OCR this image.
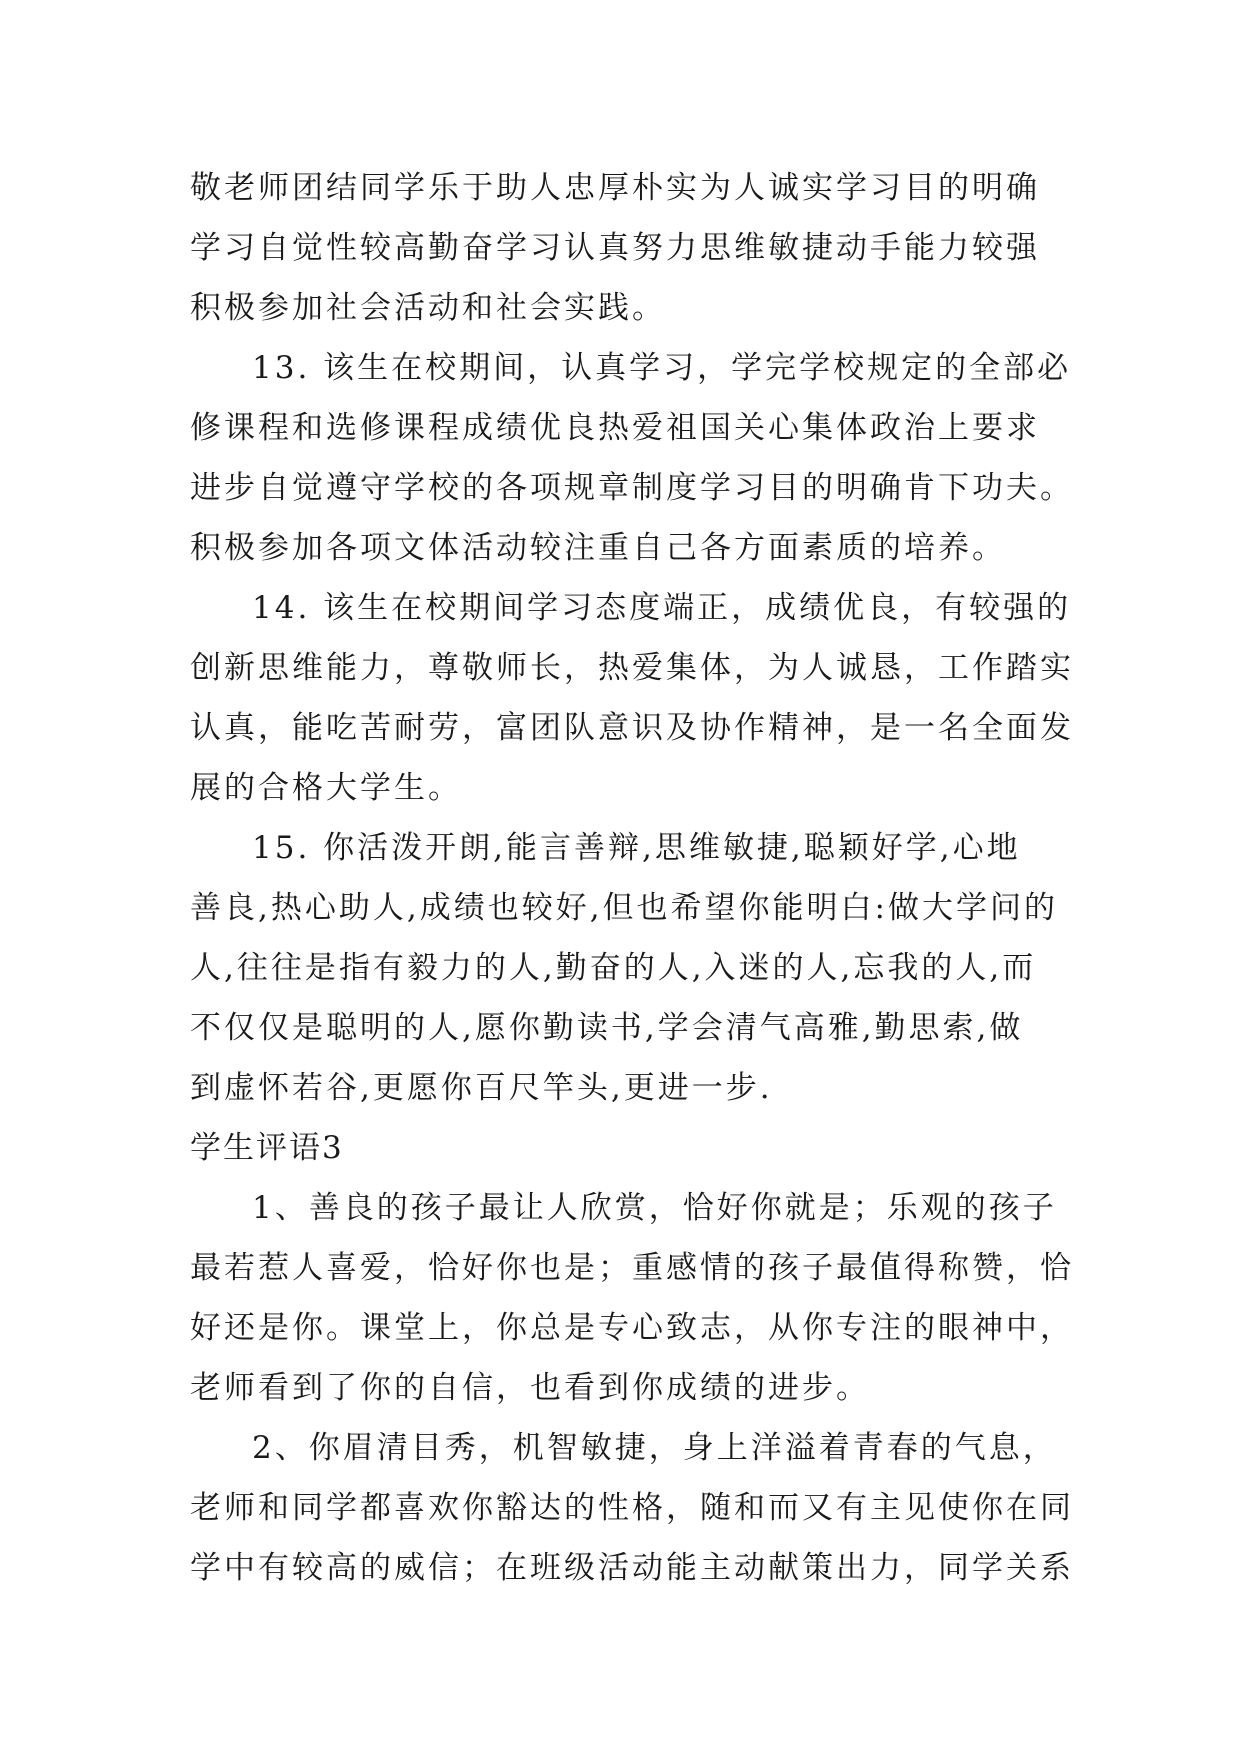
敬老师团结同学乐于助人忠厚朴实为人诚实学习目的明确
学习自觉性较高勤奋学习认真努力思维敏捷动手能力较强
积极参加社会活动和社会实践。
13. 该生在校期间，认真学习，学完学校规定的全部必
修课程和选修课程成绩优良热爱祖国关心集体政治上要求
进步自觉遵守学校的各项规章制度学习目的明确肯下功夫。
积极参加各项文体活动较注重自己各方面素质的培养。
14. 该生在校期间学习态度端正，成绩优良，有较强的
创新思维能力，尊敬师长，热爱集体，为人诚恳，工作踏实
认真，能吃苦耐劳，富团队意识及协作精神，是一名全面发
展的合格大学生。
15. 你活泼开朗,能言善辩,思维敏捷,聪颖好学,心地
善良,热心助人,成绩也较好,但也希望你能明白:做大学问的
人,往往是指有毅力的人,勤奋的人,入迷的人,忘我的人,而
不仅仅是聪明的人,愿你勤读书,学会清气高雅,勤思索,做
到虚怀若谷,更愿你百尺竿头,更进一步.
学生评语3
1、善良的孩子最让人欣赏，恰好你就是；乐观的孩子
最若惹人喜爱，恰好你也是；重感情的孩子最值得称赞，恰
好还是你。课堂上，你总是专心致志，从你专注的眼神中，
老师看到了你的自信，也看到你成绩的进步。
2、你眉清目秀，机智敏捷，身上洋溢着青春的气息，
老师和同学都喜欢你豁达的性格，随和而又有主见使你在同
学中有较高的威信；在班级活动能主动献策出力，同学关系
